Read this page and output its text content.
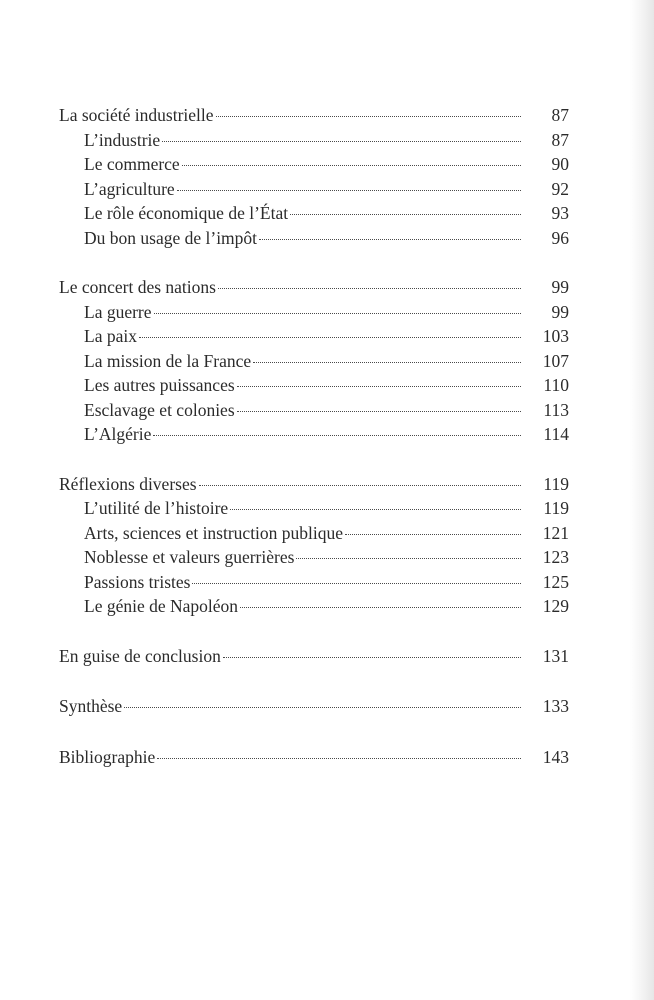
La société industrielle	87
L’industrie	87
Le commerce	90
L’agriculture	92
Le rôle économique de l’État	93
Du bon usage de l’impôt	96
Le concert des nations	99
La guerre	99
La paix	103
La mission de la France	107
Les autres puissances	110
Esclavage et colonies	113
L’Algérie	114
Réflexions diverses	119
L’utilité de l’histoire	119
Arts, sciences et instruction publique	121
Noblesse et valeurs guerrières	123
Passions tristes	125
Le génie de Napoléon	129
En guise de conclusion	131
Synthèse	133
Bibliographie	143
